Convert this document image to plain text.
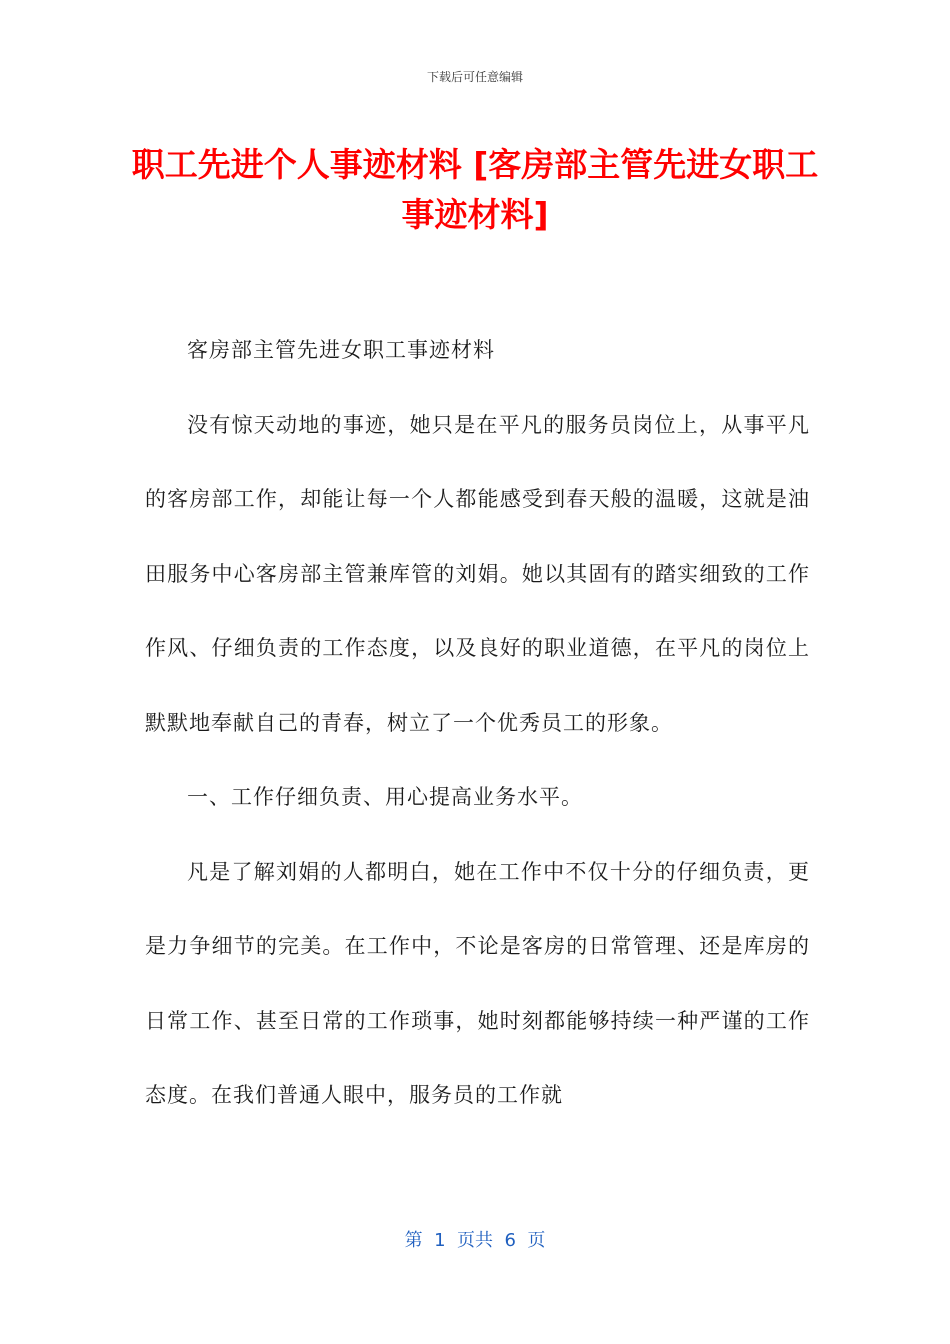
下载后可任意编辑
职工先进个人事迹材料 [客房部主管先进女职工事迹材料]

客房部主管先进女职工事迹材料

没有惊天动地的事迹，她只是在平凡的服务员岗位上，从事平凡的客房部工作，却能让每一个人都能感受到春天般的温暖，这就是油田服务中心客房部主管兼库管的刘娟。她以其固有的踏实细致的工作作风、仔细负责的工作态度，以及良好的职业道德，在平凡的岗位上默默地奉献自己的青春，树立了一个优秀员工的形象。

一、工作仔细负责、用心提高业务水平。

凡是了解刘娟的人都明白，她在工作中不仅十分的仔细负责，更是力争细节的完美。在工作中，不论是客房的日常管理、还是库房的日常工作、甚至日常的工作琐事，她时刻都能够持续一种严谨的工作态度。在我们普通人眼中，服务员的工作就

第  1  页共  6  页
